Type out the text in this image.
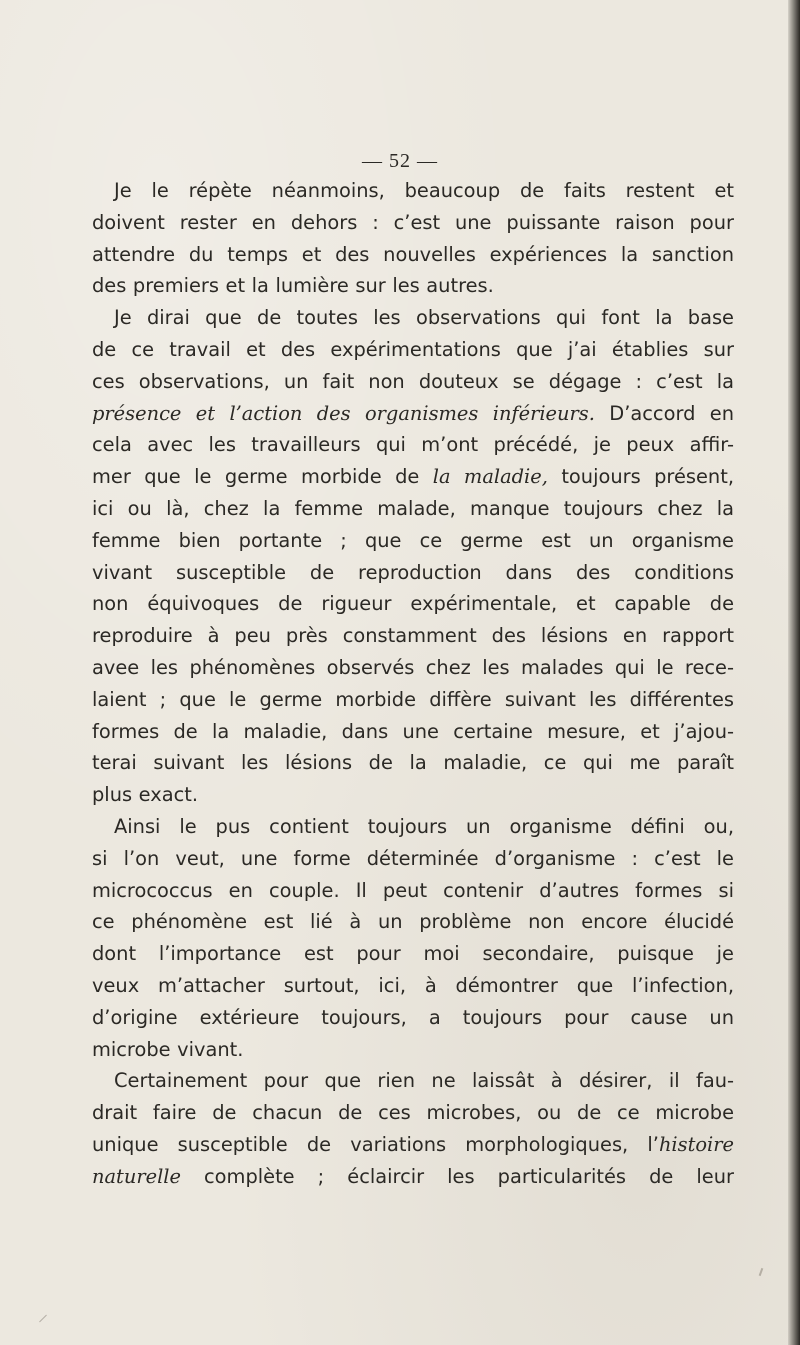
— 52 —
Je le répète néanmoins, beaucoup de faits restent et
doivent rester en dehors : c’est une puissante raison pour
attendre du temps et des nouvelles expériences la sanction
des premiers et la lumière sur les autres.
Je dirai que de toutes les observations qui font la base
de ce travail et des expérimentations que j’ai établies sur
ces observations, un fait non douteux se dégage : c’est la
présence et l’action des organismes inférieurs. D’accord en
cela avec les travailleurs qui m’ont précédé, je peux affir-
mer que le germe morbide de la maladie, toujours présent,
ici ou là, chez la femme malade, manque toujours chez la
femme bien portante ; que ce germe est un organisme
vivant susceptible de reproduction dans des conditions
non équivoques de rigueur expérimentale, et capable de
reproduire à peu près constamment des lésions en rapport
avee les phénomènes observés chez les malades qui le rece-
laient ; que le germe morbide diffère suivant les différentes
formes de la maladie, dans une certaine mesure, et j’ajou-
terai suivant les lésions de la maladie, ce qui me paraît
plus exact.
Ainsi le pus contient toujours un organisme défini ou,
si l’on veut, une forme déterminée d’organisme : c’est le
micrococcus en couple. Il peut contenir d’autres formes si
ce phénomène est lié à un problème non encore élucidé
dont l’importance est pour moi secondaire, puisque je
veux m’attacher surtout, ici, à démontrer que l’infection,
d’origine extérieure toujours, a toujours pour cause un
microbe vivant.
Certainement pour que rien ne laissât à désirer, il fau-
drait faire de chacun de ces microbes, ou de ce microbe
unique susceptible de variations morphologiques, l’histoire
naturelle complète ; éclaircir les particularités de leur
